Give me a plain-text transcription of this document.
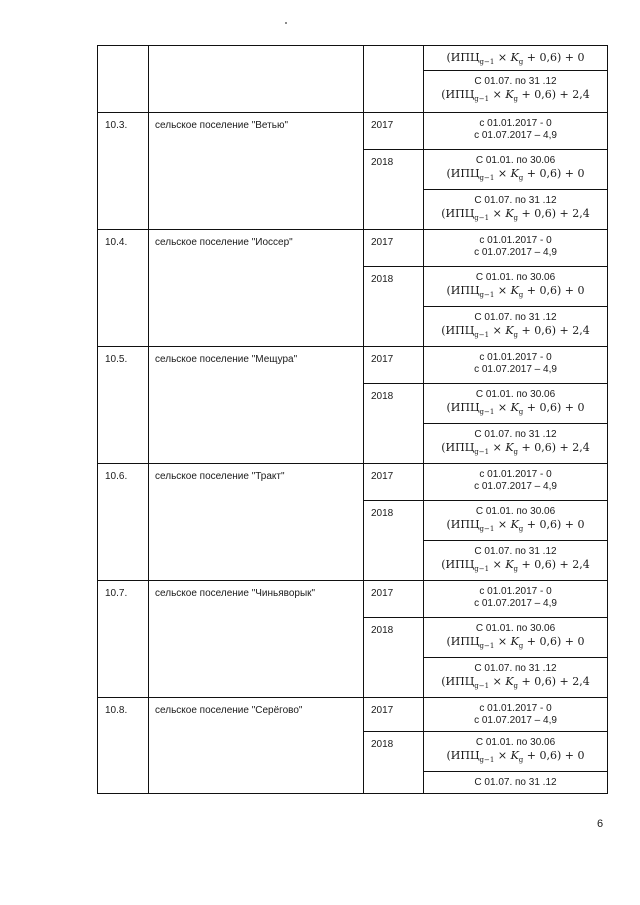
			$(ИПЦ_{g-1} \times K_g + 0,6) + 0$

			С 01.07. по 31 .12
$(ИПЦ_{g-1} \times K_g + 0,6) + 2,4$

10.3.	сельское поселение "Ветью"	2017	с 01.01.2017 - 0
с 01.07.2017 – 4,9

		2018	С 01.01. по 30.06
$(ИПЦ_{g-1} \times K_g + 0,6) + 0$

			С 01.07. по 31 .12
$(ИПЦ_{g-1} \times K_g + 0,6) + 2,4$

10.4.	сельское поселение "Иоссер"	2017	с 01.01.2017 - 0
с 01.07.2017 – 4,9

		2018	С 01.01. по 30.06
$(ИПЦ_{g-1} \times K_g + 0,6) + 0$

			С 01.07. по 31 .12
$(ИПЦ_{g-1} \times K_g + 0,6) + 2,4$

10.5.	сельское поселение "Мещура"	2017	с 01.01.2017 - 0
с 01.07.2017 – 4,9

		2018	С 01.01. по 30.06
$(ИПЦ_{g-1} \times K_g + 0,6) + 0$

			С 01.07. по 31 .12
$(ИПЦ_{g-1} \times K_g + 0,6) + 2,4$

10.6.	сельское поселение "Тракт"	2017	с 01.01.2017 - 0
с 01.07.2017 – 4,9

		2018	С 01.01. по 30.06
$(ИПЦ_{g-1} \times K_g + 0,6) + 0$

			С 01.07. по 31 .12
$(ИПЦ_{g-1} \times K_g + 0,6) + 2,4$

10.7.	сельское поселение "Чиньяворык"	2017	с 01.01.2017 - 0
с 01.07.2017 – 4,9

		2018	С 01.01. по 30.06
$(ИПЦ_{g-1} \times K_g + 0,6) + 0$

			С 01.07. по 31 .12
$(ИПЦ_{g-1} \times K_g + 0,6) + 2,4$

10.8.	сельское поселение "Серёгово"	2017	с 01.01.2017 - 0
с 01.07.2017 – 4,9

		2018	С 01.01. по 30.06
$(ИПЦ_{g-1} \times K_g + 0,6) + 0$

			С 01.07. по 31 .12
6
